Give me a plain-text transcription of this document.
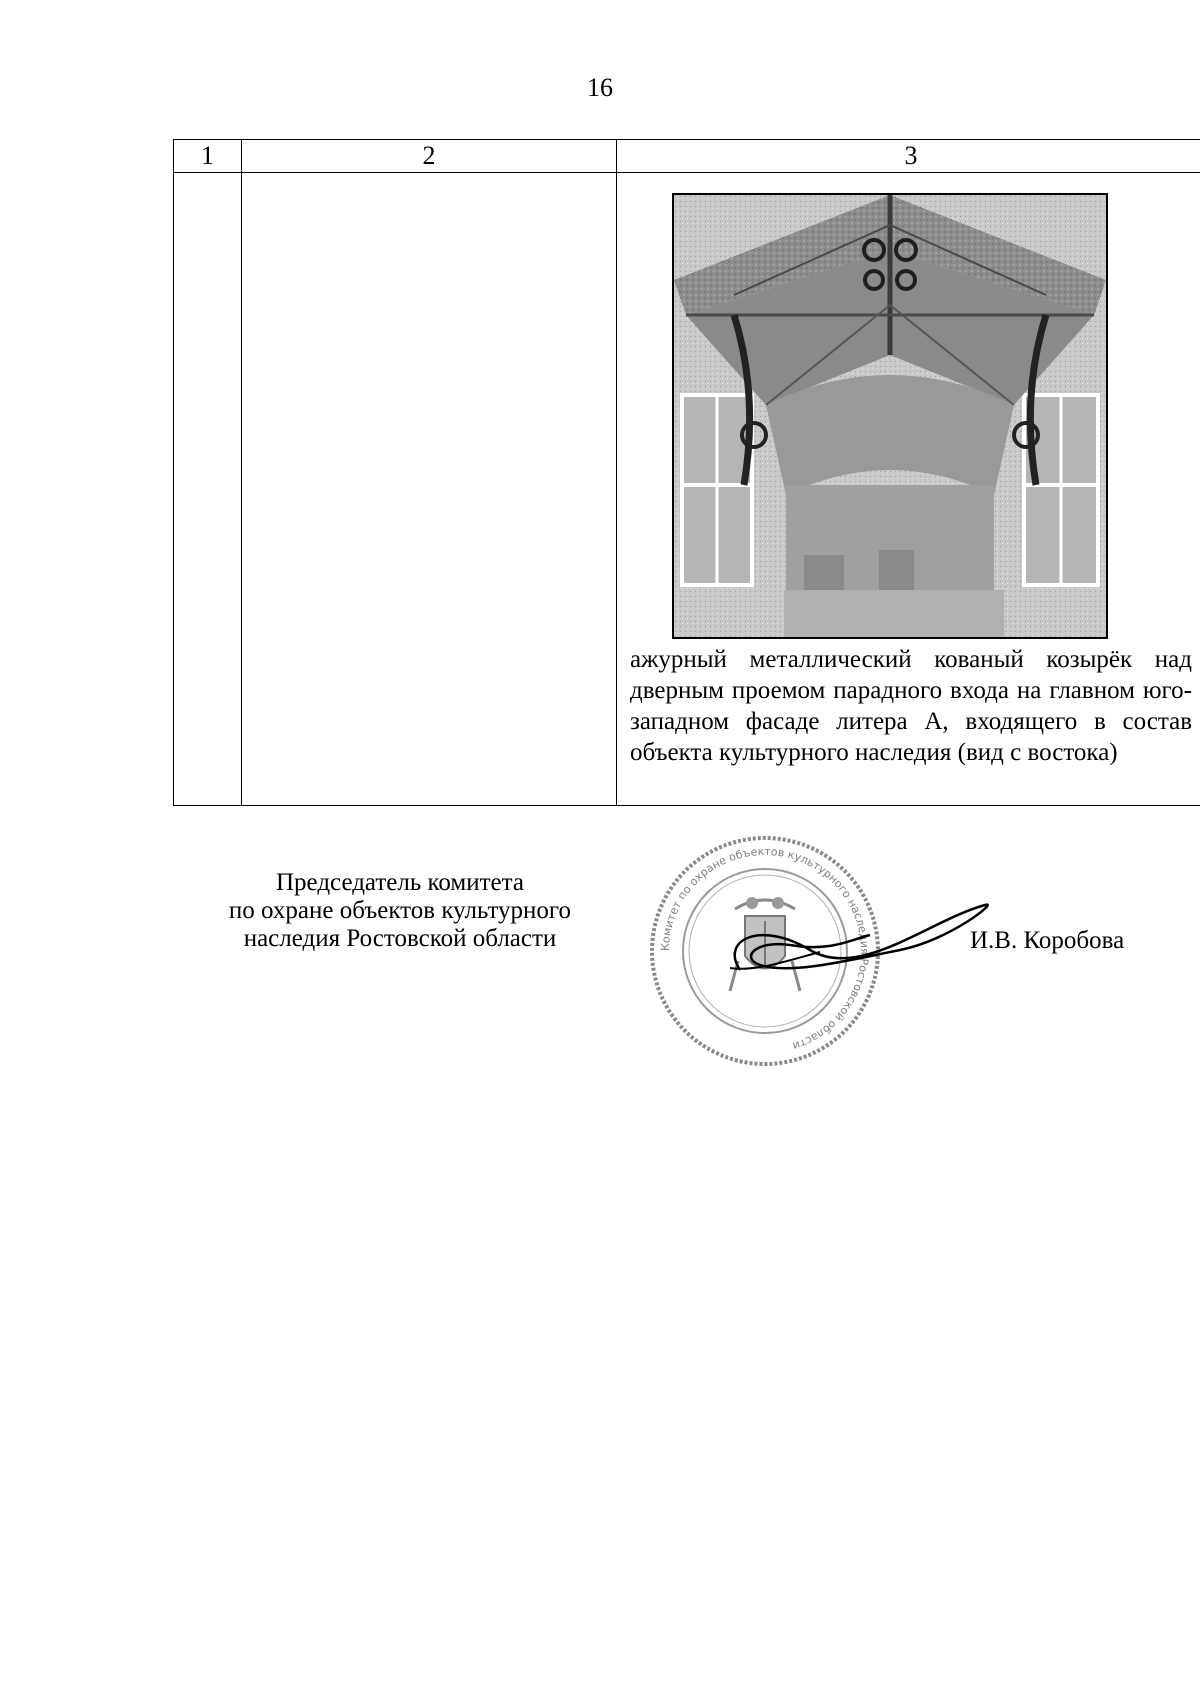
16
1	2	3

		ажурный металлический кованый козырёк над дверным проемом парадного входа на главном юго-западном фасаде литера А, входящего в состав объекта культурного наследия (вид с востока)
Председатель комитета
по охране объектов культурного
наследия Ростовской области	Комитет по охране объектов культурного наследия Ростовской области
И.В. Коробова
